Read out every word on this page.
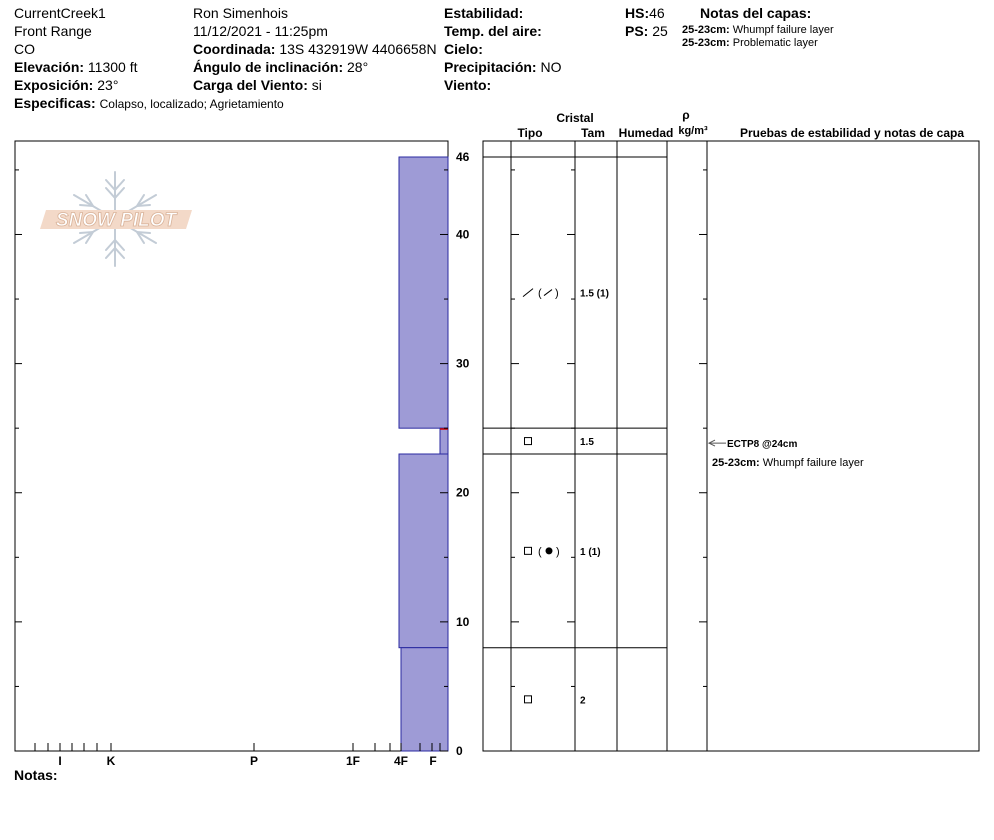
CurrentCreek1
Front Range
CO
Elevación: 11300 ft
Exposición: 23°
Especificas: Colapso, localizado; Agrietamiento
Ron Simenhois
11/12/2021 - 11:25pm
Coordinada: 13S 432919W 4406658N
Ángulo de inclinación: 28°
Carga del Viento: si
Estabilidad:
Temp. del aire:
Cielo:
Precipitación: NO
Viento:
HS:46
PS: 25
Notas del capas:
25-23cm: Whumpf failure layer
25-23cm: Problematic layer
SNOW PILOT
0
10
20
30
40
46
I	K	P	1F	4F F
Cristal
Tipo	Tam Humedad
ρ
kg/m³	Pruebas de estabilidad y notas de capa
( ) 1.5 (1)
1.5
( ) 1 (1)
2
ECTP8 @24cm
25-23cm: Whumpf failure layer
Notas:
